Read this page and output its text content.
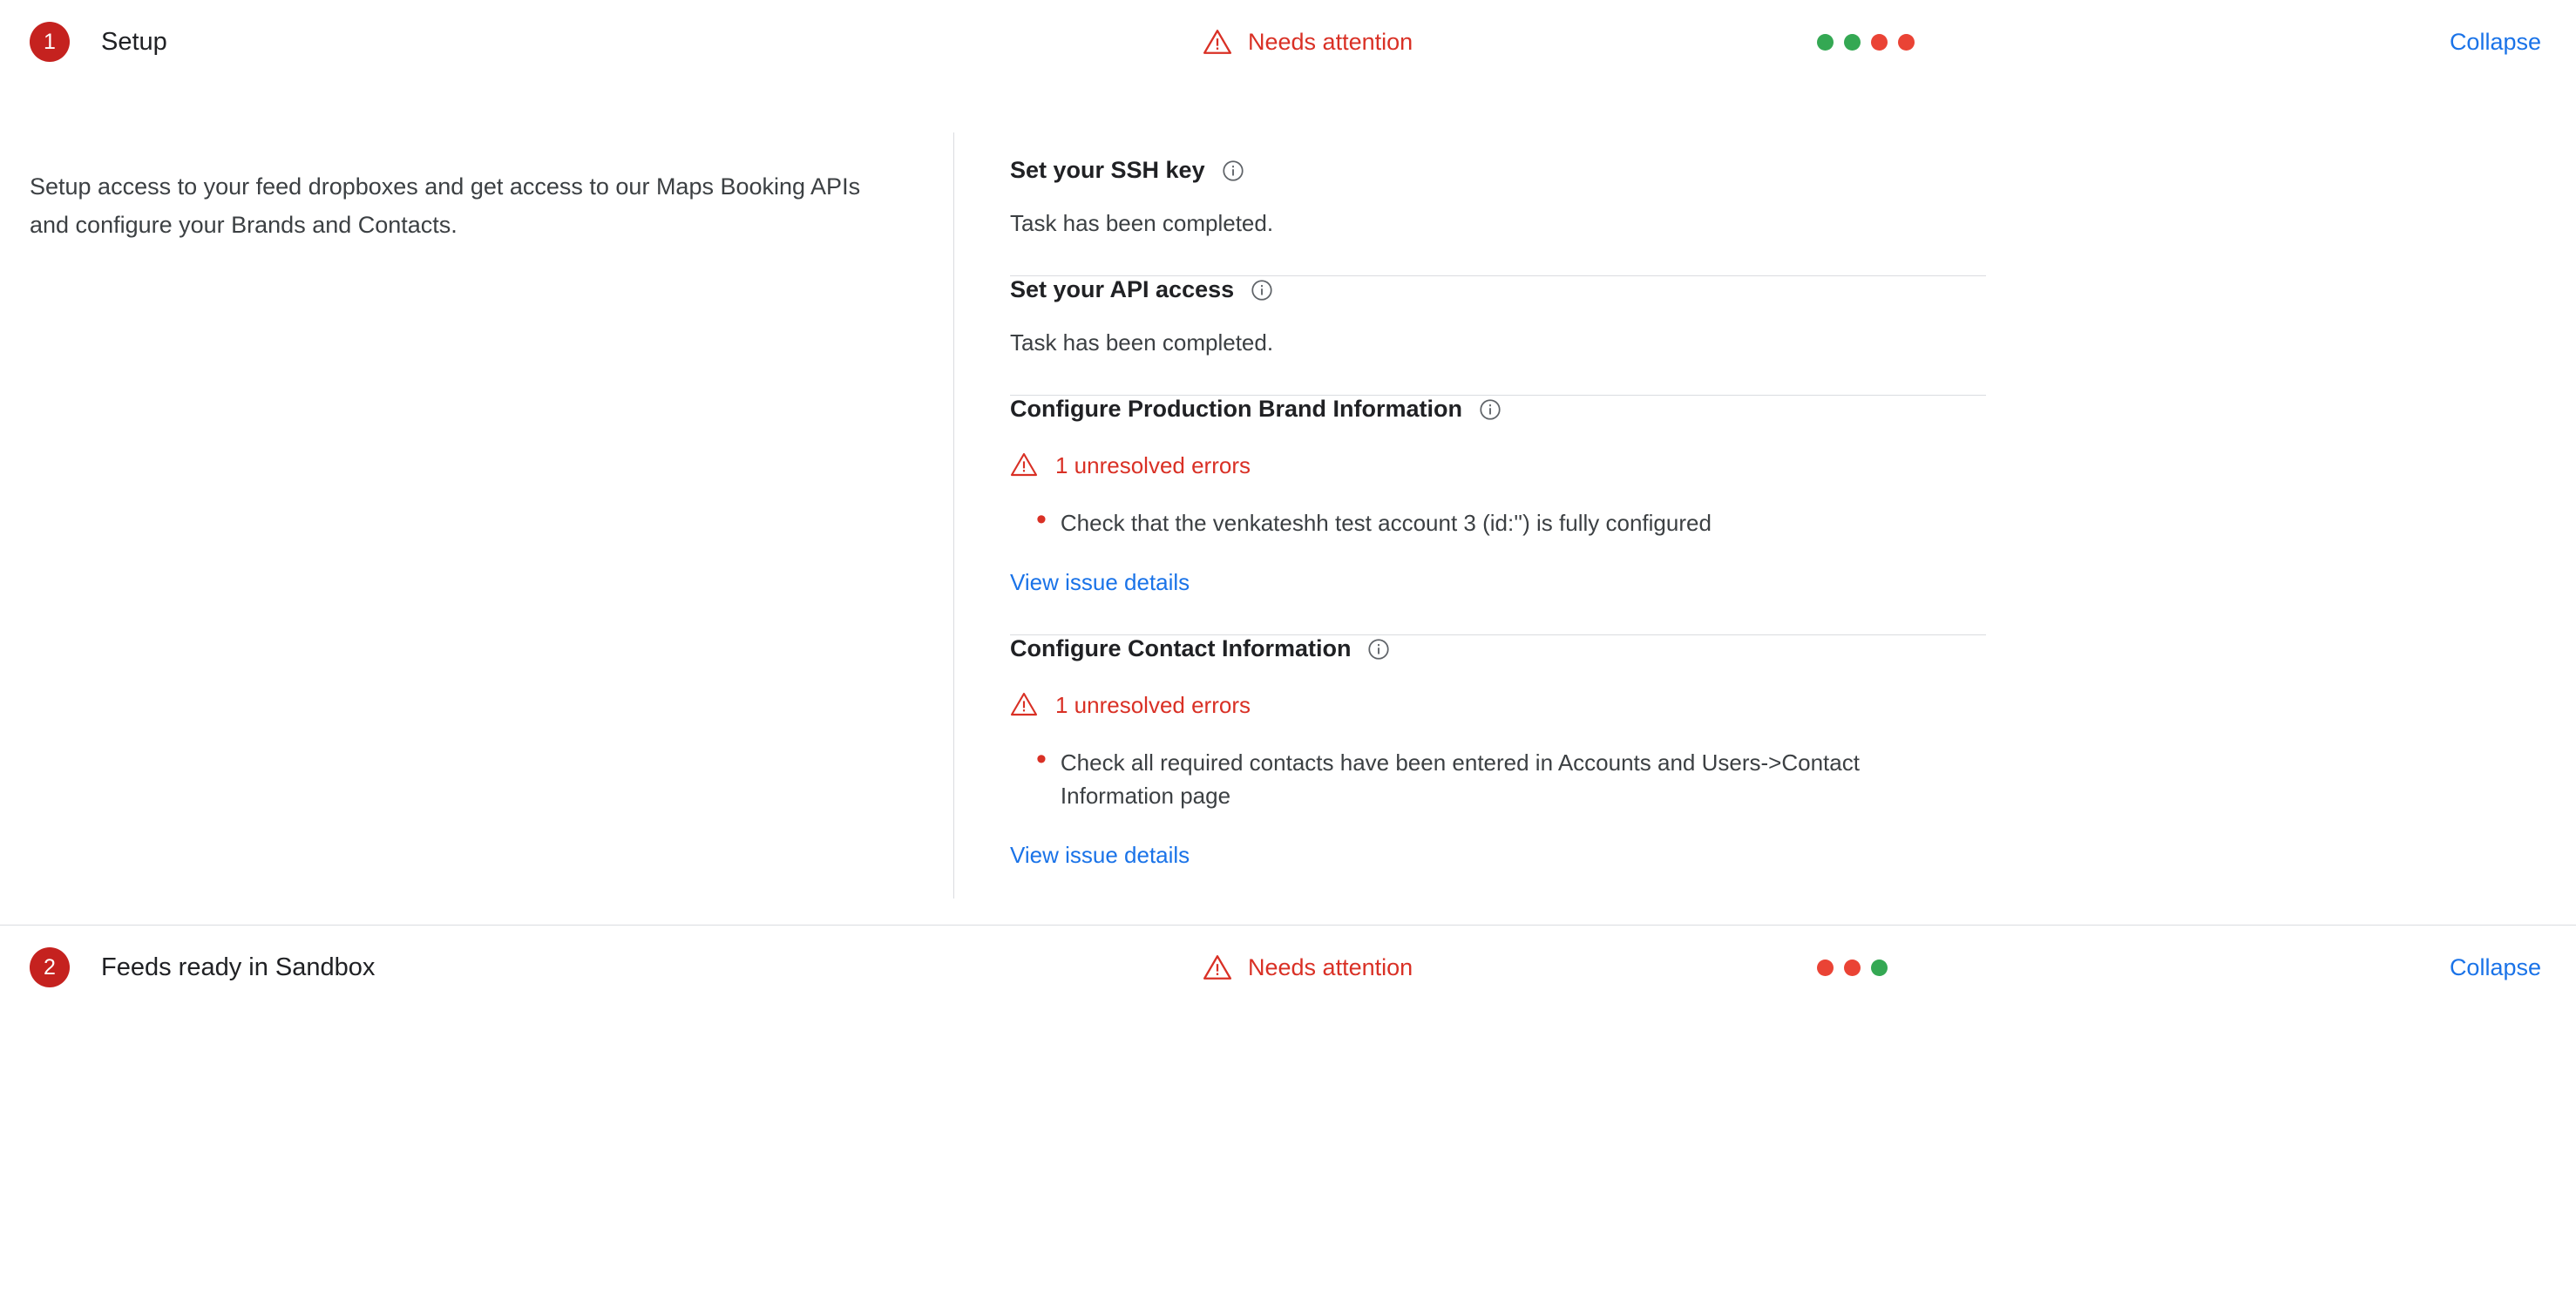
1	Setup	Needs attention	Collapse
Setup access to your feed dropboxes and get access to our Maps Booking APIs and configure your Brands and Contacts.
Set your SSH key
Task has been completed.
Set your API access
Task has been completed.
Configure Production Brand Information
1 unresolved errors
• Check that the venkateshh test account 3 (id:'') is fully configured
View issue details
Configure Contact Information
1 unresolved errors
• Check all required contacts have been entered in Accounts and Users->Contact Information page
View issue details
2	Feeds ready in Sandbox	Needs attention	Collapse
